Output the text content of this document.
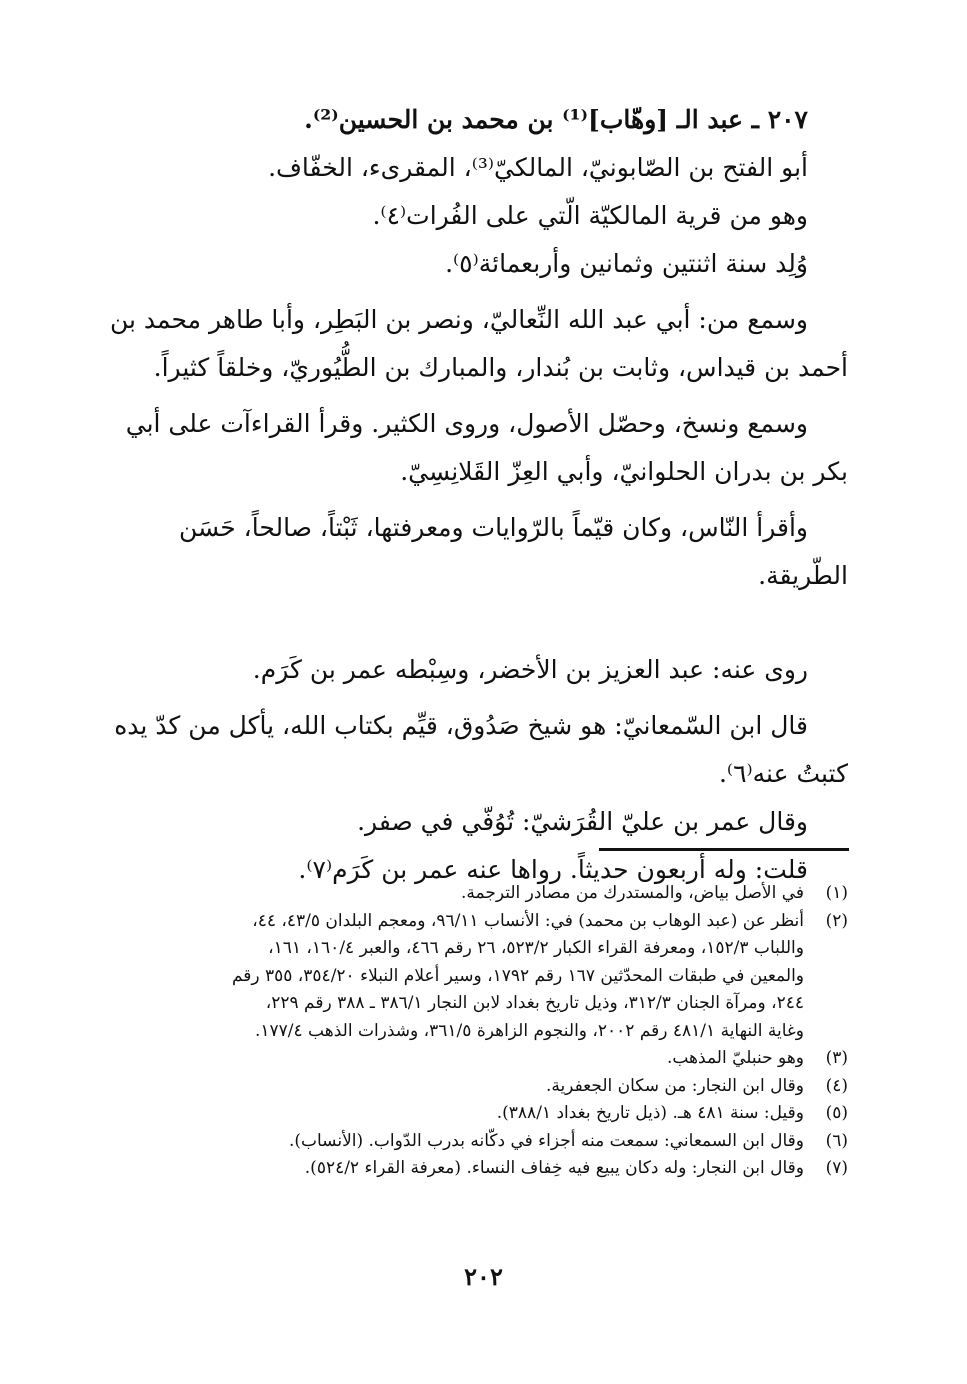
٢٠٧ ـ عبد الـ [وهّاب]⁽¹⁾ بن محمد بن الحسين⁽²⁾.
أبو الفتح بن الصّابونيّ، المالكيّ⁽³⁾، المقرىء، الخفّاف.
وهو من قرية المالكيّة الّتي على الفُرات⁽٤⁾.
وُلِد سنة اثنتين وثمانين وأربعمائة⁽٥⁾.
وسمع من: أبي عبد الله النِّعاليّ، ونصر بن البَطِر، وأبا طاهر محمد بن
أحمد بن قيداس، وثابت بن بُندار، والمبارك بن الطُّيُوريّ، وخلقاً كثيراً.
وسمع ونسخ، وحصّل الأصول، وروى الكثير. وقرأ القراءآت على أبي
بكر بن بدران الحلوانيّ، وأبي العِزّ القَلانِسِيّ.
وأقرأ النّاس، وكان قيّماً بالرّوايات ومعرفتها، ثَبْتاً، صالحاً، حَسَن
الطّريقة.
روى عنه: عبد العزيز بن الأخضر، وسِبْطه عمر بن كَرَم.
قال ابن السّمعانيّ: هو شيخ صَدُوق، قيِّم بكتاب الله، يأكل من كدّ يده
كتبتُ عنه⁽٦⁾.
وقال عمر بن عليّ القُرَشيّ: تُوُفّي في صفر.
قلت: وله أربعون حديثاً. رواها عنه عمر بن كَرَم⁽٧⁾.
(١)
في الأصل بياض، والمستدرك من مصادر الترجمة.
(٢)
أنظر عن (عبد الوهاب بن محمد) في: الأنساب ٩٦/١١، ومعجم البلدان ٤٣/٥، ٤٤،
واللباب ١٥٢/٣، ومعرفة القراء الكبار ٥٢٣/٢، ٢٦ رقم ٤٦٦، والعبر ١٦٠/٤، ١٦١،
والمعين في طبقات المحدّثين ١٦٧ رقم ١٧٩٢، وسير أعلام النبلاء ٣٥٤/٢٠، ٣٥٥ رقم
٢٤٤، ومرآة الجنان ٣١٢/٣، وذيل تاريخ بغداد لابن النجار ٣٨٦/١ ـ ٣٨٨ رقم ٢٢٩،
وغاية النهاية ٤٨١/١ رقم ٢٠٠٢، والنجوم الزاهرة ٣٦١/٥، وشذرات الذهب ١٧٧/٤.
(٣)
وهو حنبليّ المذهب.
(٤)
وقال ابن النجار: من سكان الجعفرية.
(٥)
وقيل: سنة ٤٨١ هـ. (ذيل تاريخ بغداد ٣٨٨/١).
(٦)
وقال ابن السمعاني: سمعت منه أجزاء في دكّانه بدرب الدّواب. (الأنساب).
(٧)
وقال ابن النجار: وله دكان يبيع فيه خِفاف النساء. (معرفة القراء ٥٢٤/٢).
٢٠٢
